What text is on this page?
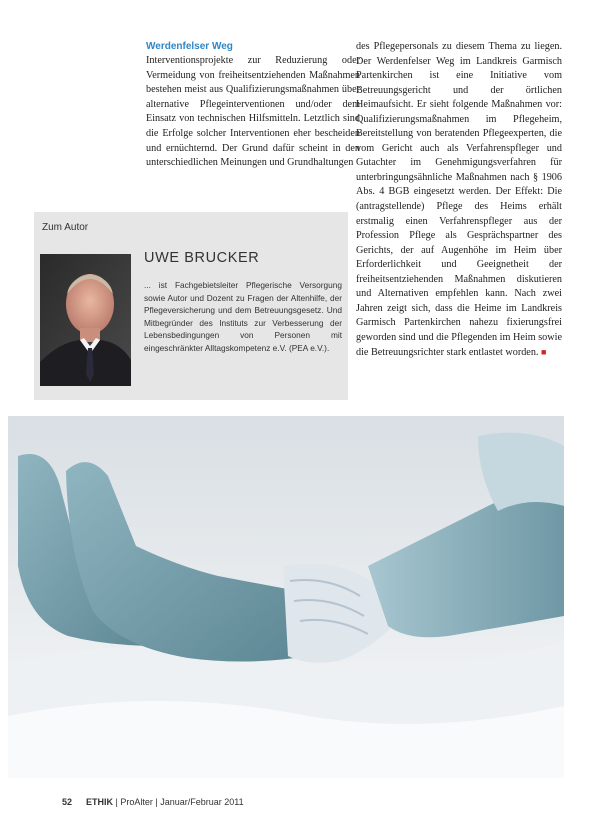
Werdenfelser Weg

Interventionsprojekte zur Reduzierung oder Vermeidung von freiheitsentziehenden Maßnahmen bestehen meist aus Qualifizierungsmaßnahmen über alternative Pflegeinterventionen und/oder dem Einsatz von technischen Hilfsmitteln. Letztlich sind die Erfolge solcher Interventionen eher bescheiden und ernüchternd. Der Grund dafür scheint in den unterschiedlichen Meinungen und Grundhaltungen

des Pflegepersonals zu diesem Thema zu liegen. Der Werdenfelser Weg im Landkreis Garmisch Partenkirchen ist eine Initiative vom Betreuungsgericht und der örtlichen Heimaufsicht. Er sieht folgende Maßnahmen vor: Qualifizierungsmaßnahmen im Pflegeheim, Bereitstellung von beratenden Pflegeexperten, die vom Gericht auch als Verfahrenspfleger und Gutachter im Genehmigungsverfahren für unterbringungsähnliche Maßnahmen nach § 1906 Abs. 4 BGB eingesetzt werden. Der Effekt: Die (antragstellende) Pflege des Heims erhält erstmalig einen Verfahrenspfleger aus der Profession Pflege als Gesprächspartner des Gerichts, der auf Augenhöhe im Heim über Erforderlichkeit und Geeignetheit der freiheitsentziehenden Maßnahmen diskutieren und Alternativen empfehlen kann. Nach zwei Jahren zeigt sich, dass die Heime im Landkreis Garmisch Partenkirchen nahezu fixierungsfrei geworden sind und die Pflegenden im Heim sowie die Betreuungsrichter stark entlastet worden. ■

Zum Autor
UWE BRUCKER
... ist Fachgebietsleiter Pflegerische Versorgung sowie Autor und Dozent zu Fragen der Altenhilfe, der Pflegeversicherung und dem Betreuungsgesetz. Und Mitbegründer des Instituts zur Verbesserung der Lebensbedingungen von Personen mit eingeschränkter Alltagskompetenz e.V. (PEA e.V.).
52 ETHIK | ProAlter | Januar/Februar 2011
